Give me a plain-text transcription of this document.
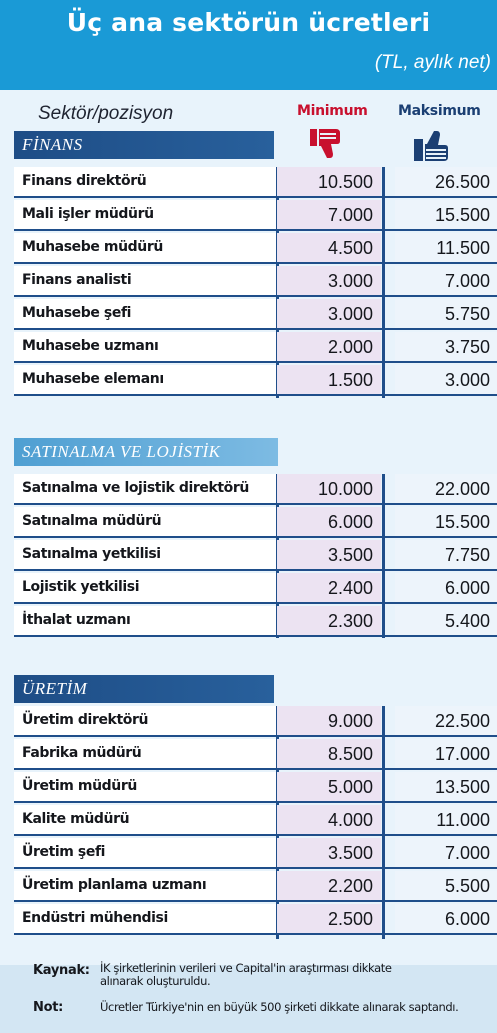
Üç ana sektörün ücretleri
(TL, aylık net)
Sektör/pozisyon	Minimum Maksimum
FİNANS
SATINALMA VE LOJİSTİK
ÜRETİM
Finans direktörü	10.500	26.500
Mali işler müdürü	7.000	15.500
Muhasebe müdürü	4.500	11.500
Finans analisti	3.000	7.000
Muhasebe şefi	3.000	5.750
Muhasebe uzmanı	2.000	3.750
Muhasebe elemanı	1.500	3.000
Satınalma ve lojistik direktörü	10.000	22.000
Satınalma müdürü	6.000	15.500
Satınalma yetkilisi	3.500	7.750
Lojistik yetkilisi	2.400	6.000
İthalat uzmanı	2.300	5.400
Üretim direktörü	9.000	22.500
Fabrika müdürü	8.500	17.000
Üretim müdürü	5.000	13.500
Kalite müdürü	4.000	11.000
Üretim şefi	3.500	7.000
Üretim planlama uzmanı	2.200	5.500
Endüstri mühendisi	2.500	6.000
Kaynak: İK şirketlerinin verileri ve Capital'in araştırması dikkate
alınarak oluşturuldu.
Not:	Ücretler Türkiye'nin en büyük 500 şirketi dikkate alınarak saptandı.
